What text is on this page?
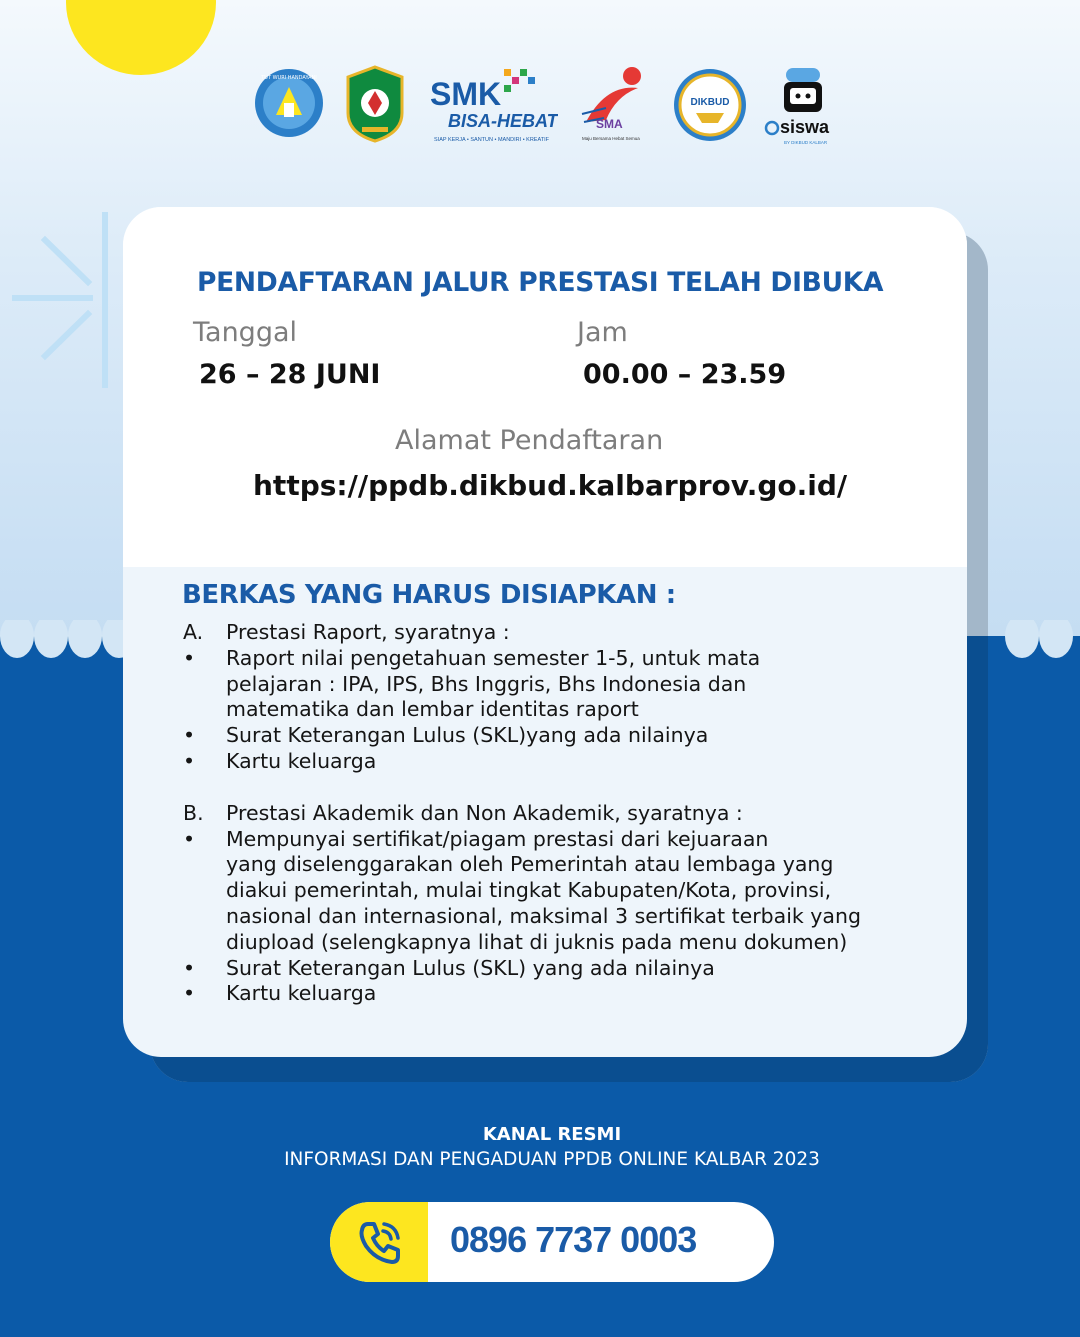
TUT WURI HANDAYANI	SMK
BISA-HEBAT
SIAP KERJA • SANTUN • MANDIRI • KREATIF
SMA
Maju Bersama Hebat Semua
DIKBUD
siswa
BY DIKBUD KALBAR
PENDAFTARAN JALUR PRESTASI TELAH DIBUKA
Tanggal
26 – 28 JUNI
Jam
00.00 – 23.59
Alamat Pendaftaran
https://ppdb.dikbud.kalbarprov.go.id/
BERKAS YANG HARUS DISIAPKAN :
A.	Prestasi Raport, syaratnya :
•	Raport nilai pengetahuan semester 1-5, untuk mata
pelajaran : IPA, IPS, Bhs Inggris, Bhs Indonesia dan
matematika dan lembar identitas raport
•	Surat Keterangan Lulus (SKL)yang ada nilainya
•	Kartu keluarga
B.	Prestasi Akademik dan Non Akademik, syaratnya :
•	Mempunyai sertifikat/piagam prestasi dari kejuaraan
yang diselenggarakan oleh Pemerintah atau lembaga yang
diakui pemerintah, mulai tingkat Kabupaten/Kota, provinsi,
nasional dan internasional, maksimal 3 sertifikat terbaik yang
diupload (selengkapnya lihat di juknis pada menu dokumen)
•	Surat Keterangan Lulus (SKL) yang ada nilainya
•	Kartu keluarga
KANAL RESMI
INFORMASI DAN PENGADUAN PPDB ONLINE KALBAR 2023
0896 7737 0003
